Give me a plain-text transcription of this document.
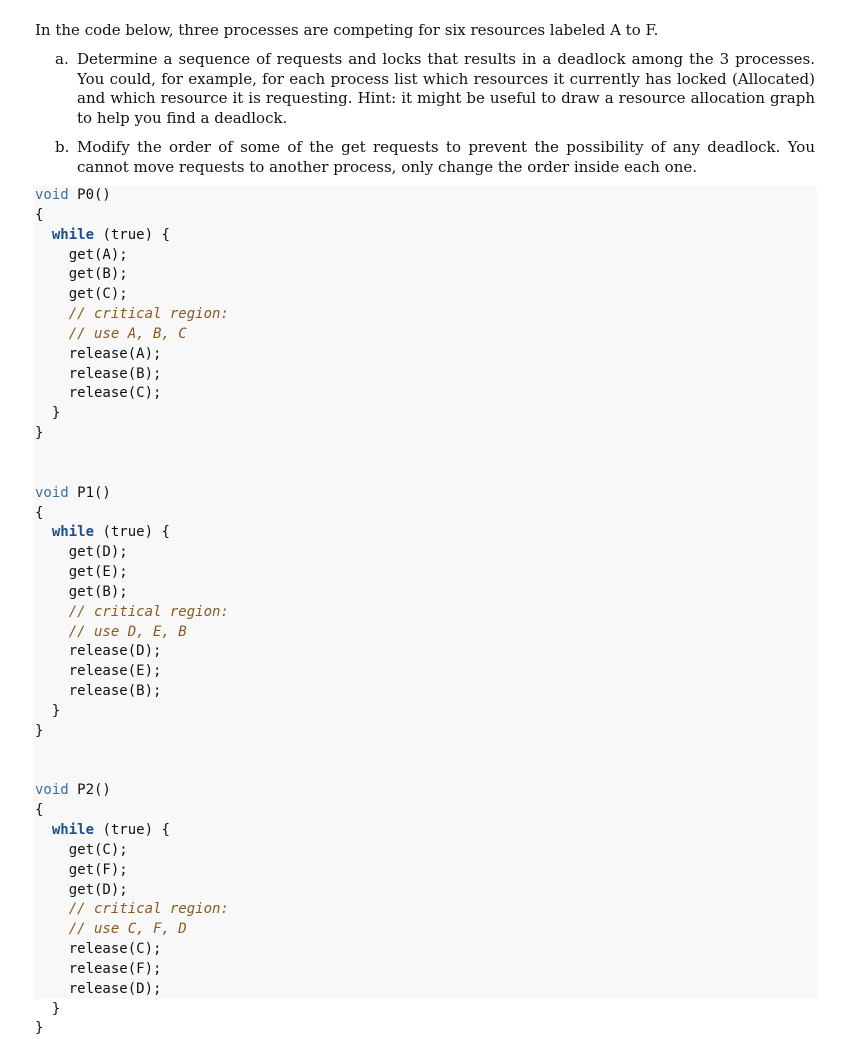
In the code below, three processes are competing for six resources labeled A to F.

a. Determine a sequence of requests and locks that results in a deadlock among the 3 processes. You could, for example, for each process list which resources it currently has locked (Allocated) and which resource it is requesting. Hint: it might be useful to draw a resource allocation graph to help you find a deadlock.
b. Modify the order of some of the get requests to prevent the possibility of any deadlock. You cannot move requests to another process, only change the order inside each one.
void P0()
{
while (true) {
get(A);
get(B);
get(C);
// critical region:
// use A, B, C
release(A);
release(B);
release(C);
}
}

void P1()
{
while (true) {
get(D);
get(E);
get(B);
// critical region:
// use D, E, B
release(D);
release(E);
release(B);
}
}

void P2()
{
while (true) {
get(C);
get(F);
get(D);
// critical region:
// use C, F, D
release(C);
release(F);
release(D);
}
}
